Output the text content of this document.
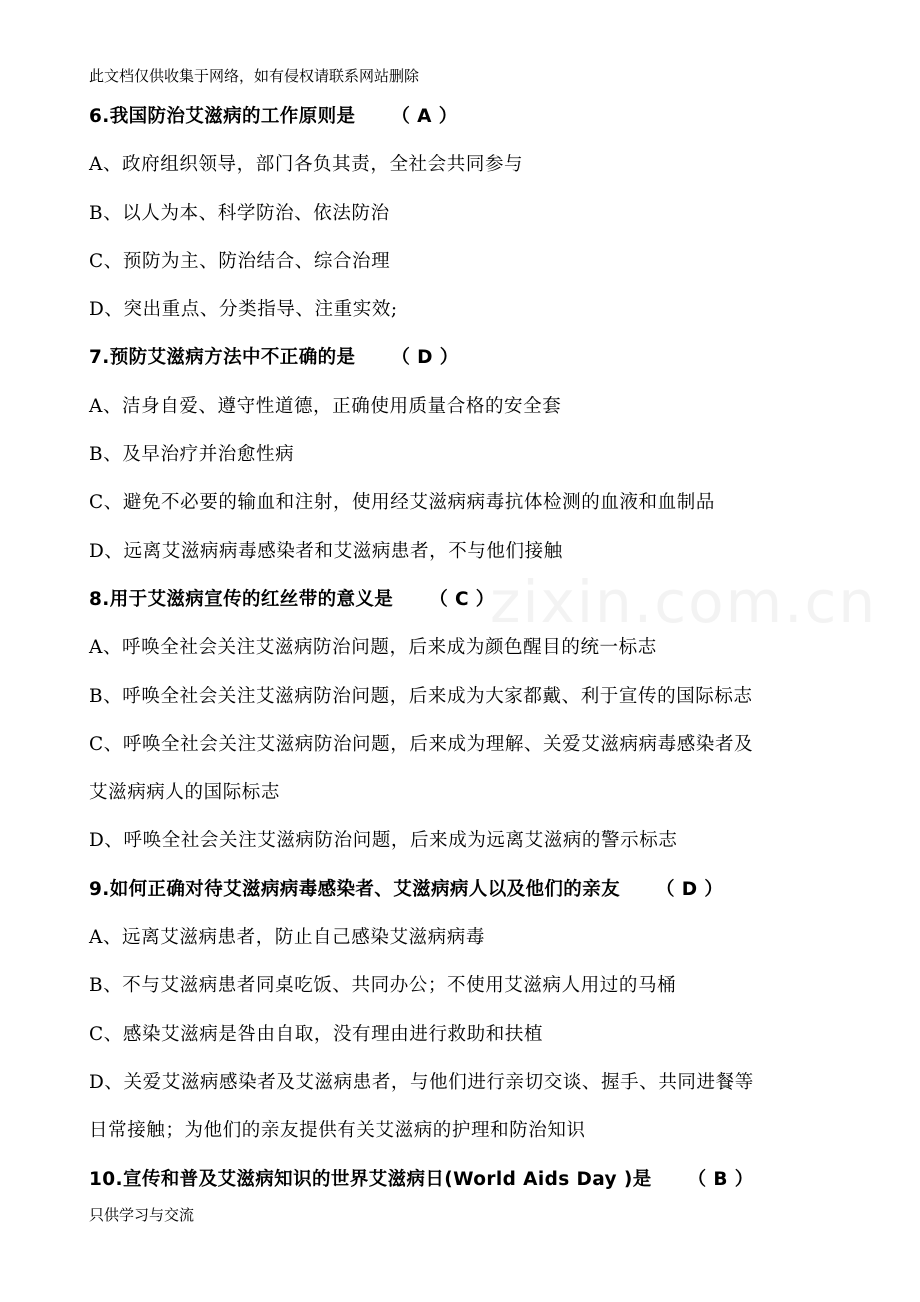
zixin.com.cn
此文档仅供收集于网络，如有侵权请联系网站删除
6.我国防治艾滋病的工作原则是 （ A ）
A、政府组织领导，部门各负其责，全社会共同参与
B、以人为本、科学防治、依法防治
C、预防为主、防治结合、综合治理
D、突出重点、分类指导、注重实效;
7.预防艾滋病方法中不正确的是 （ D ）
A、洁身自爱、遵守性道德，正确使用质量合格的安全套
B、及早治疗并治愈性病
C、避免不必要的输血和注射，使用经艾滋病病毒抗体检测的血液和血制品
D、远离艾滋病病毒感染者和艾滋病患者，不与他们接触
8.用于艾滋病宣传的红丝带的意义是 （ C ）
A、呼唤全社会关注艾滋病防治问题，后来成为颜色醒目的统一标志
B、呼唤全社会关注艾滋病防治问题，后来成为大家都戴、利于宣传的国际标志
C、呼唤全社会关注艾滋病防治问题，后来成为理解、关爱艾滋病病毒感染者及
艾滋病病人的国际标志
D、呼唤全社会关注艾滋病防治问题，后来成为远离艾滋病的警示标志
9.如何正确对待艾滋病病毒感染者、艾滋病病人以及他们的亲友 （ D ）
A、远离艾滋病患者，防止自己感染艾滋病病毒
B、不与艾滋病患者同桌吃饭、共同办公；不使用艾滋病人用过的马桶
C、感染艾滋病是咎由自取，没有理由进行救助和扶植
D、关爱艾滋病感染者及艾滋病患者，与他们进行亲切交谈、握手、共同进餐等
日常接触；为他们的亲友提供有关艾滋病的护理和防治知识
10.宣传和普及艾滋病知识的世界艾滋病日(World Aids Day )是 （ B ）
只供学习与交流
